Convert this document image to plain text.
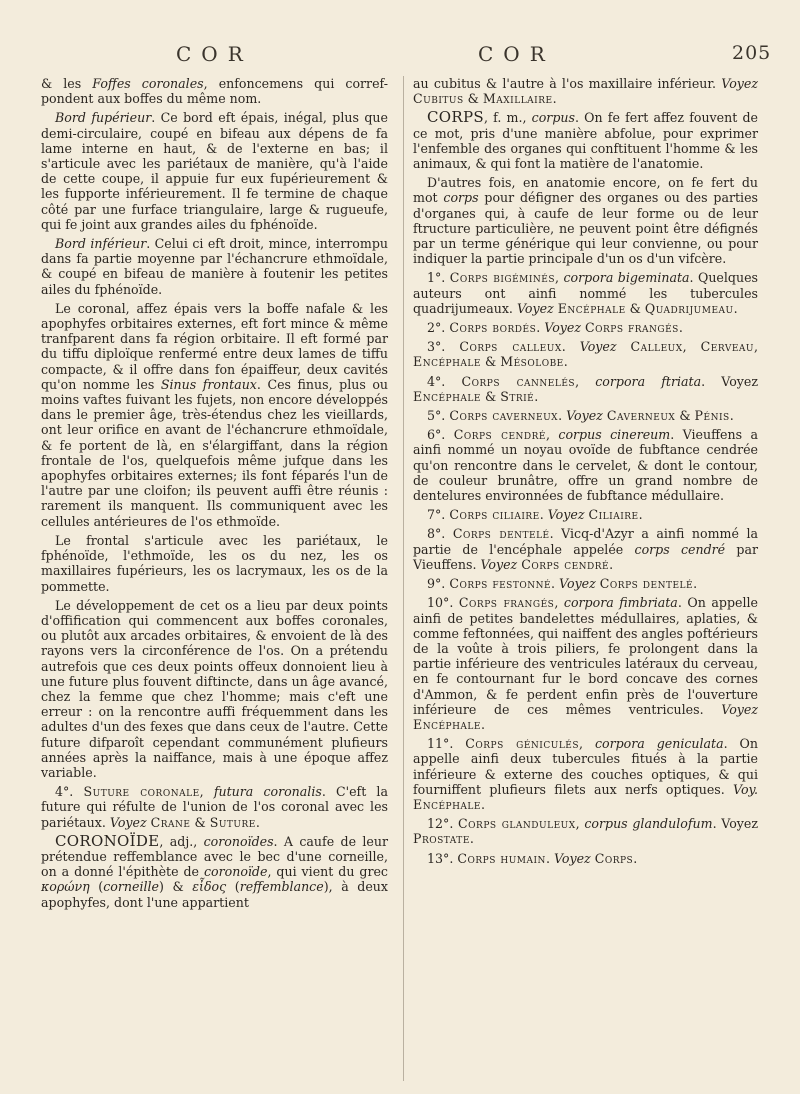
COR	COR	205

& les Foffes coronales, enfoncemens qui corref-pondent aux boffes du même nom.

Bord fupérieur. Ce bord eft épais, inégal, plus que demi-circulaire, coupé en bifeau aux dépens de fa lame interne en haut, & de l'externe en bas; il s'articule avec les pariétaux de manière, qu'à l'aide de cette coupe, il appuie fur eux fupérieurement & les fupporte inférieurement. Il fe termine de chaque côté par une furface triangulaire, large & rugueufe, qui fe joint aux grandes ailes du fphénoïde.

Bord inférieur. Celui ci eft droit, mince, interrompu dans fa partie moyenne par l'échancrure ethmoïdale, & coupé en bifeau de manière à foutenir les petites ailes du fphénoïde.

Le coronal, affez épais vers la boffe nafale & les apophyfes orbitaires externes, eft fort mince & même tranfparent dans fa région orbitaire. Il eft formé par du tiffu diploïque renfermé entre deux lames de tiffu compacte, & il offre dans fon épaiffeur, deux cavités qu'on nomme les Sinus frontaux. Ces finus, plus ou moins vaftes fuivant les fujets, non encore développés dans le premier âge, très-étendus chez les vieillards, ont leur orifice en avant de l'échancrure ethmoïdale, & fe portent de là, en s'élargiffant, dans la région frontale de l'os, quelquefois même jufque dans les apophyfes orbitaires externes; ils font féparés l'un de l'autre par une cloifon; ils peuvent auffi être réunis : rarement ils manquent. Ils communiquent avec les cellules antérieures de l'os ethmoïde.

Le frontal s'articule avec les pariétaux, le fphénoïde, l'ethmoïde, les os du nez, les os maxillaires fupérieurs, les os lacrymaux, les os de la pommette.

Le développement de cet os a lieu par deux points d'offification qui commencent aux boffes coronales, ou plutôt aux arcades orbitaires, & envoient de là des rayons vers la circonférence de l'os. On a prétendu autrefois que ces deux points offeux donnoient lieu à une future plus fouvent diftincte, dans un âge avancé, chez la femme que chez l'homme; mais c'eft une erreur : on la rencontre auffi fréquemment dans les adultes d'un des fexes que dans ceux de l'autre. Cette future difparoît cependant communément plufieurs années après la naiffance, mais à une époque affez variable.

4°. Suture coronale, futura coronalis. C'eft la future qui réfulte de l'union de l'os coronal avec les pariétaux. Voyez Crane & Suture.

CORONOÏDE, adj., coronoïdes. A caufe de leur prétendue reffemblance avec le bec d'une corneille, on a donné l'épithète de coronoïde, qui vient du grec κορώνη (corneille) & εἶδος (reffemblance), à deux apophyfes, dont l'une appartient

au cubitus & l'autre à l'os maxillaire inférieur. Voyez Cubitus & Maxillaire.

CORPS, f. m., corpus. On fe fert affez fouvent de ce mot, pris d'une manière abfolue, pour exprimer l'enfemble des organes qui conftituent l'homme & les animaux, & qui font la matière de l'anatomie.

D'autres fois, en anatomie encore, on fe fert du mot corps pour défigner des organes ou des parties d'organes qui, à caufe de leur forme ou de leur ftructure particulière, ne peuvent point être défignés par un terme générique qui leur convienne, ou pour indiquer la partie principale d'un os d'un vifcère.

1°. Corps bigéminés, corpora bigeminata. Quelques auteurs ont ainfi nommé les tubercules quadrijumeaux. Voyez Encéphale & Quadrijumeau.

2°. Corps bordés. Voyez Corps frangés.

3°. Corps calleux. Voyez Calleux, Cerveau, Encéphale & Mésolobe.

4°. Corps cannelés, corpora ftriata. Voyez Encéphale & Strié.

5°. Corps caverneux. Voyez Caverneux & Pénis.

6°. Corps cendré, corpus cinereum. Vieuffens a ainfi nommé un noyau ovoïde de fubftance cendrée qu'on rencontre dans le cervelet, & dont le contour, de couleur brunâtre, offre un grand nombre de dentelures environnées de fubftance médullaire.

7°. Corps ciliaire. Voyez Ciliaire.

8°. Corps dentelé. Vicq-d'Azyr a ainfi nommé la partie de l'encéphale appelée corps cendré par Vieuffens. Voyez Corps cendré.

9°. Corps festonné. Voyez Corps dentelé.

10°. Corps frangés, corpora fimbriata. On appelle ainfi de petites bandelettes médullaires, aplaties, & comme feftonnées, qui naiffent des angles poftérieurs de la voûte à trois piliers, fe prolongent dans la partie inférieure des ventricules latéraux du cerveau, en fe contournant fur le bord concave des cornes d'Ammon, & fe perdent enfin près de l'ouverture inférieure de ces mêmes ventricules. Voyez Encéphale.

11°. Corps géniculés, corpora geniculata. On appelle ainfi deux tubercules fitués à la partie inférieure & externe des couches optiques, & qui fourniffent plufieurs filets aux nerfs optiques. Voy. Encéphale.

12°. Corps glanduleux, corpus glandulofum. Voyez Prostate.

13°. Corps humain. Voyez Corps.
